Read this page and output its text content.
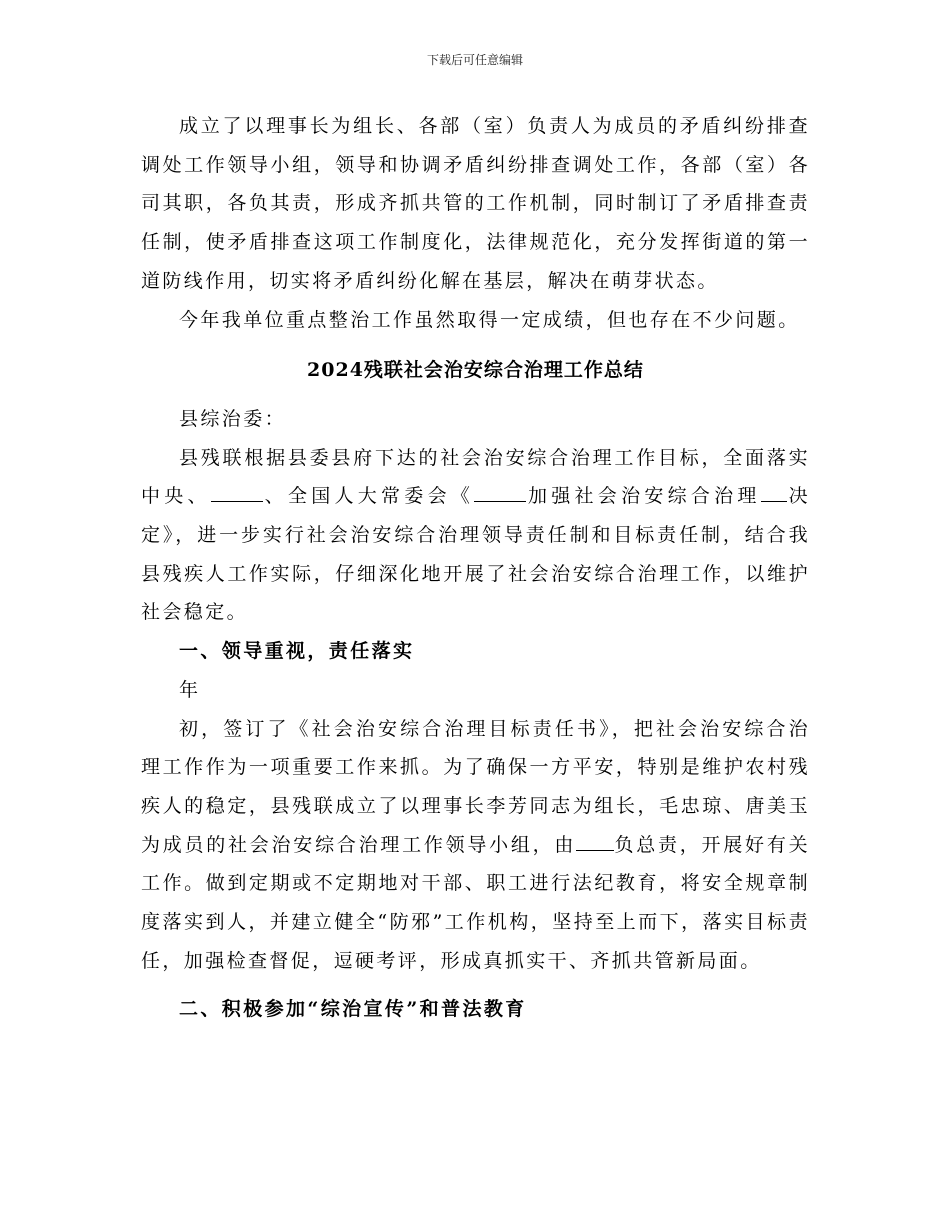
下载后可任意编辑

成立了以理事长为组长、各部（室）负责人为成员的矛盾纠纷排查调处工作领导小组，领导和协调矛盾纠纷排查调处工作，各部（室）各司其职，各负其责，形成齐抓共管的工作机制，同时制订了矛盾排查责任制，使矛盾排查这项工作制度化，法律规范化，充分发挥街道的第一道防线作用，切实将矛盾纠纷化解在基层，解决在萌芽状态。

今年我单位重点整治工作虽然取得一定成绩，但也存在不少问题。

2024残联社会治安综合治理工作总结

县综治委：

县残联根据县委县府下达的社会治安综合治理工作目标，全面落实中央、	、全国人大常委会《	加强社会治安综合治理 决定》，进一步实行社会治安综合治理领导责任制和目标责任制，结合我县残疾人工作实际，仔细深化地开展了社会治安综合治理工作，以维护社会稳定。

一、领导重视，责任落实

年

初，签订了《社会治安综合治理目标责任书》，把社会治安综合治理工作作为一项重要工作来抓。为了确保一方平安，特别是维护农村残疾人的稳定，县残联成立了以理事长李芳同志为组长，毛忠琼、唐美玉为成员的社会治安综合治理工作领导小组，由 负总责，开展好有关工作。做到定期或不定期地对干部、职工进行法纪教育，将安全规章制度落实到人，并建立健全“防邪”工作机构，坚持至上而下，落实目标责任，加强检查督促，逗硬考评，形成真抓实干、齐抓共管新局面。

二、积极参加“综治宣传”和普法教育
